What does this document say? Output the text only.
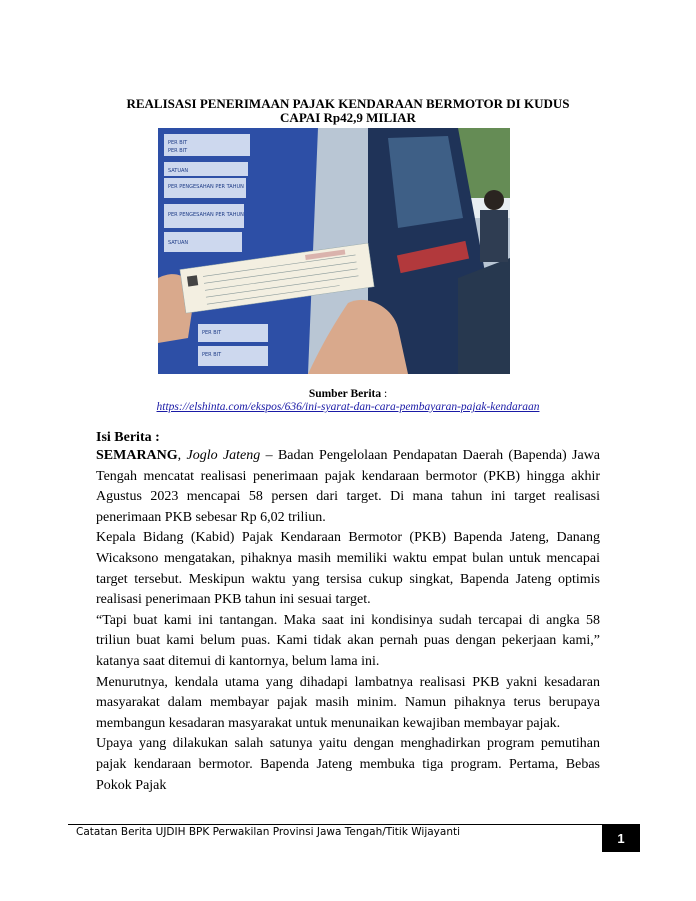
REALISASI PENERIMAAN PAJAK KENDARAAN BERMOTOR DI KUDUS
CAPAI Rp42,9 MILIAR
PER BIT
SATUAN
PER PENGESAHAN PER TAHUN
PER PENGESAHAN PER TAHUN
SATUAN
PER BIT
PER BIT
PER BIT
Sumber Berita :
https://elshinta.com/ekspos/636/ini-syarat-dan-cara-pembayaran-pajak-kendaraan
Isi Berita :

SEMARANG, Joglo Jateng – Badan Pengelolaan Pendapatan Daerah (Bapenda) Jawa Tengah mencatat realisasi penerimaan pajak kendaraan bermotor (PKB) hingga akhir Agustus 2023 mencapai 58 persen dari target. Di mana tahun ini target realisasi penerimaan PKB sebesar Rp 6,02 triliun.

Kepala Bidang (Kabid) Pajak Kendaraan Bermotor (PKB) Bapenda Jateng, Danang Wicaksono mengatakan, pihaknya masih memiliki waktu empat bulan untuk mencapai target tersebut. Meskipun waktu yang tersisa cukup singkat, Bapenda Jateng optimis realisasi penerimaan PKB tahun ini sesuai target.

“Tapi buat kami ini tantangan. Maka saat ini kondisinya sudah tercapai di angka 58 triliun buat kami belum puas. Kami tidak akan pernah puas dengan pekerjaan kami,” katanya saat ditemui di kantornya, belum lama ini.

Menurutnya, kendala utama yang dihadapi lambatnya realisasi PKB yakni kesadaran masyarakat dalam membayar pajak masih minim. Namun pihaknya terus berupaya membangun kesadaran masyarakat untuk menunaikan kewajiban membayar pajak.

Upaya yang dilakukan salah satunya yaitu dengan menghadirkan program pemutihan pajak kendaraan bermotor. Bapenda Jateng membuka tiga program. Pertama, Bebas Pokok Pajak

Catatan Berita UJDIH BPK Perwakilan Provinsi Jawa Tengah/Titik Wijayanti	1
